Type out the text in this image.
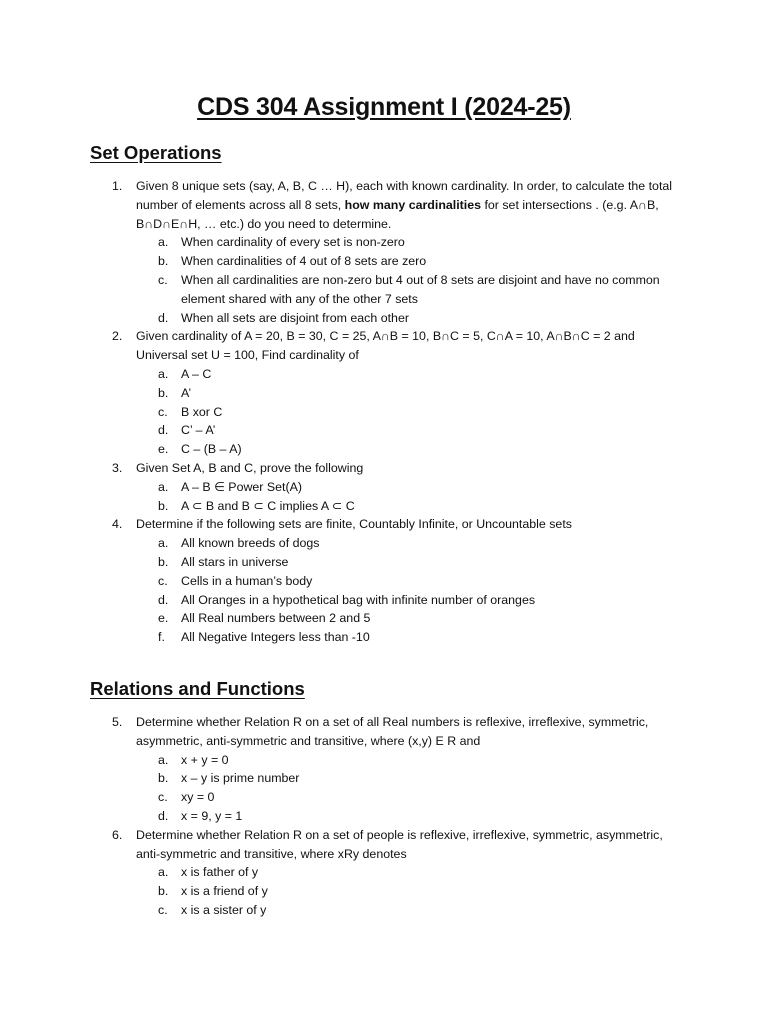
CDS 304 Assignment I (2024-25)
Set Operations
1. Given 8 unique sets (say, A, B, C … H), each with known cardinality. In order, to calculate the total number of elements across all 8 sets, how many cardinalities for set intersections . (e.g. A∩B, B∩D∩E∩H, … etc.) do you need to determine.
a. When cardinality of every set is non-zero
b. When cardinalities of 4 out of 8 sets are zero
c. When all cardinalities are non-zero but 4 out of 8 sets are disjoint and have no common element shared with any of the other 7 sets
d. When all sets are disjoint from each other
2. Given cardinality of A = 20, B = 30, C = 25, A∩B = 10, B∩C = 5, C∩A = 10, A∩B∩C = 2 and Universal set U = 100, Find cardinality of
a. A – C
b. A’
c. B xor C
d. C’ – A’
e. C – (B – A)
3. Given Set A, B and C, prove the following
a. A – B ∈ Power Set(A)
b. A ⊂ B and B ⊂ C implies A ⊂ C
4. Determine if the following sets are finite, Countably Infinite, or Uncountable sets
a. All known breeds of dogs
b. All stars in universe
c. Cells in a human’s body
d. All Oranges in a hypothetical bag with infinite number of oranges
e. All Real numbers between 2 and 5
f. All Negative Integers less than -10
Relations and Functions
5. Determine whether Relation R on a set of all Real numbers is reflexive, irreflexive, symmetric, asymmetric, anti-symmetric and transitive, where (x,y) E R and
a. x + y = 0
b. x – y is prime number
c. xy = 0
d. x = 9, y = 1
6. Determine whether Relation R on a set of people is reflexive, irreflexive, symmetric, asymmetric, anti-symmetric and transitive, where xRy denotes
a. x is father of y
b. x is a friend of y
c. x is a sister of y
